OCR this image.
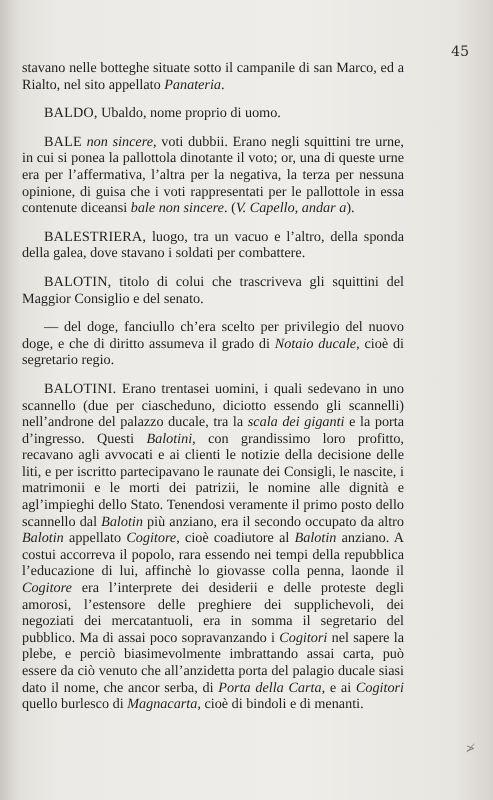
45

stavano nelle botteghe situate sotto il campanile di san Marco, ed a Rialto, nel sito appellato Panateria.

BALDO, Ubaldo, nome proprio di uomo.

BALE non sincere, voti dubbii. Erano negli squittini tre urne, in cui si ponea la pallottola dinotante il voto; or, una di queste urne era per l’affermativa, l’altra per la negativa, la terza per nessuna opinione, di guisa che i voti rappresentati per le pallottole in essa contenute diceansi bale non sincere. (V. Capello, andar a).

BALESTRIERA, luogo, tra un vacuo e l’altro, della sponda della galea, dove stavano i soldati per combattere.

BALOTIN, titolo di colui che trascriveva gli squittini del Maggior Consiglio e del senato.

— del doge, fanciullo ch’era scelto per privilegio del nuovo doge, e che di diritto assumeva il grado di Notaio ducale, cioè di segretario regio.

BALOTINI. Erano trentasei uomini, i quali sedevano in uno scannello (due per ciascheduno, diciotto essendo gli scannelli) nell’androne del palazzo ducale, tra la scala dei giganti e la porta d’ingresso. Questi Balotini, con grandissimo loro profitto, recavano agli avvocati e ai clienti le notizie della decisione delle liti, e per iscritto partecipavano le raunate dei Consigli, le nascite, i matrimonii e le morti dei patrizii, le nomine alle dignità e agl’impieghi dello Stato. Tenendosi veramente il primo posto dello scannello dal Balotin più anziano, era il secondo occupato da altro Balotin appellato Cogitore, cioè coadiutore al Balotin anziano. A costui accorreva il popolo, rara essendo nei tempi della repubblica l’educazione di lui, affinchè lo giovasse colla penna, laonde il Cogitore era l’interprete dei desiderii e delle proteste degli amorosi, l’estensore delle preghiere dei supplichevoli, dei negoziati dei mercatantuoli, era in somma il segretario del pubblico. Ma di assai poco sopravanzando i Cogitori nel sapere la plebe, e perciò biasimevolmente imbrattando assai carta, può essere da ciò venuto che all’anzidetta porta del palagio ducale siasi dato il nome, che ancor serba, di Porta della Carta, e ai Cogitori quello burlesco di Magnacarta, cioè di bindoli e di menanti.

≯
